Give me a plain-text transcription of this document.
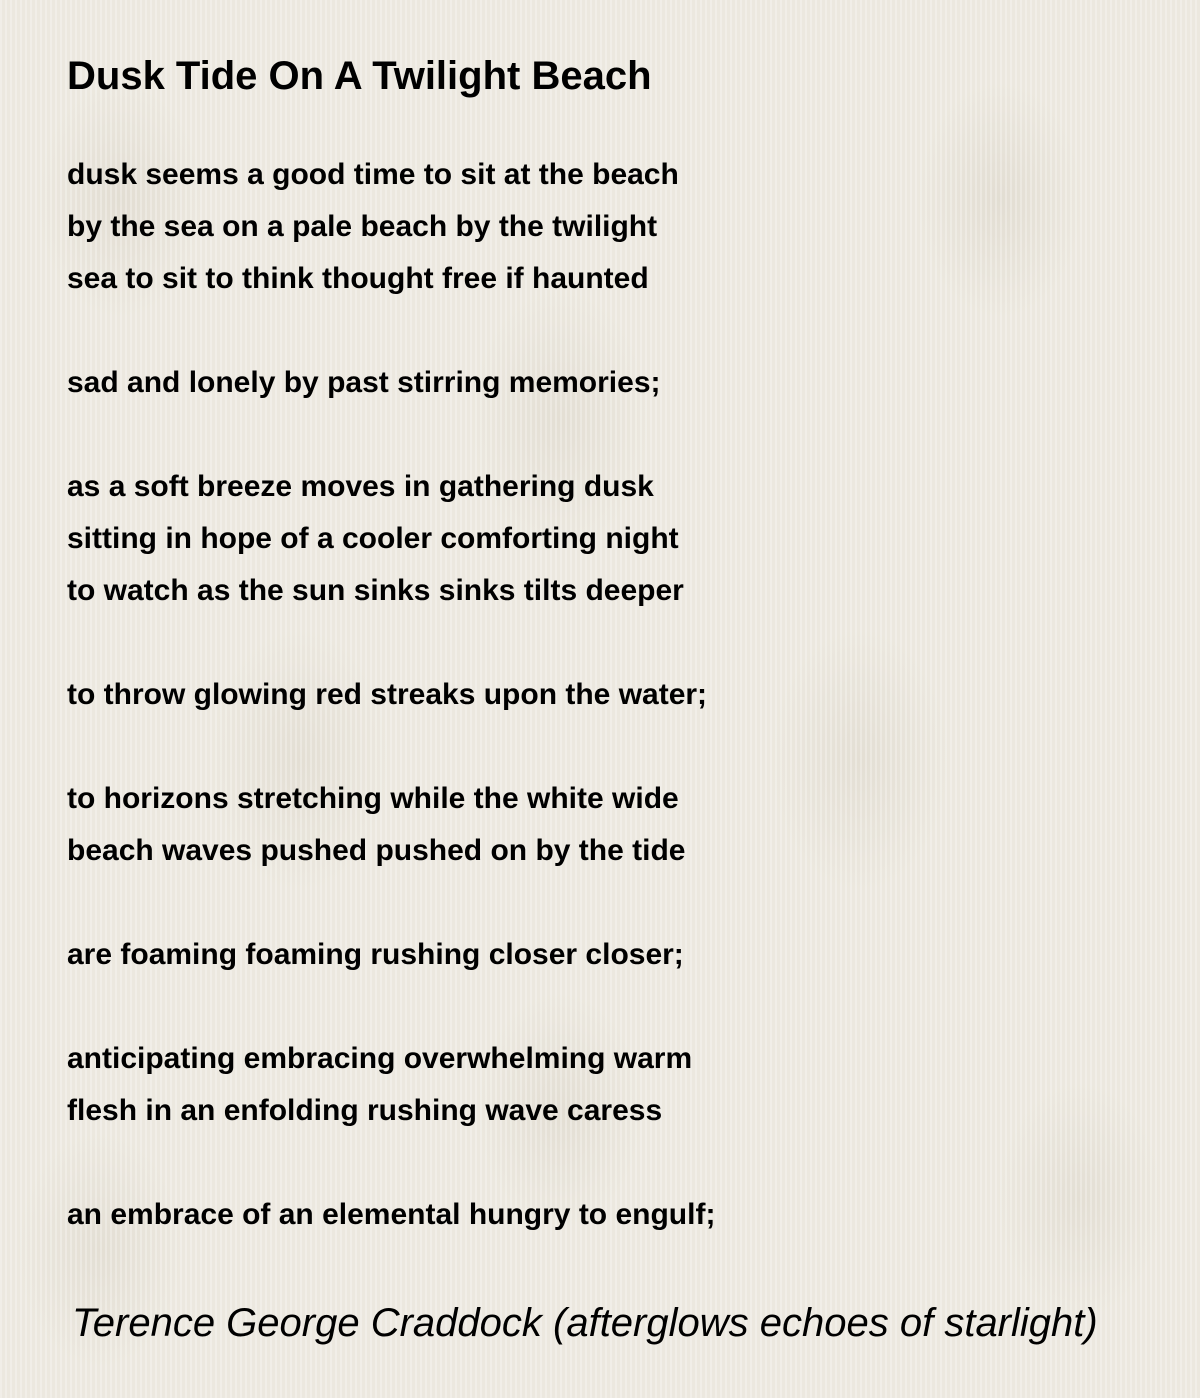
Dusk Tide On A Twilight Beach
dusk seems a good time to sit at the beach
by the sea on a pale beach by the twilight
sea to sit to think thought free if haunted
sad and lonely by past stirring memories;
as a soft breeze moves in gathering dusk
sitting in hope of a cooler comforting night
to watch as the sun sinks sinks tilts deeper
to throw glowing red streaks upon the water;
to horizons stretching while the white wide
beach waves pushed pushed on by the tide
are foaming foaming rushing closer closer;
anticipating embracing overwhelming warm
flesh in an enfolding rushing wave caress
an embrace of an elemental hungry to engulf;

Terence George Craddock (afterglows echoes of starlight)
